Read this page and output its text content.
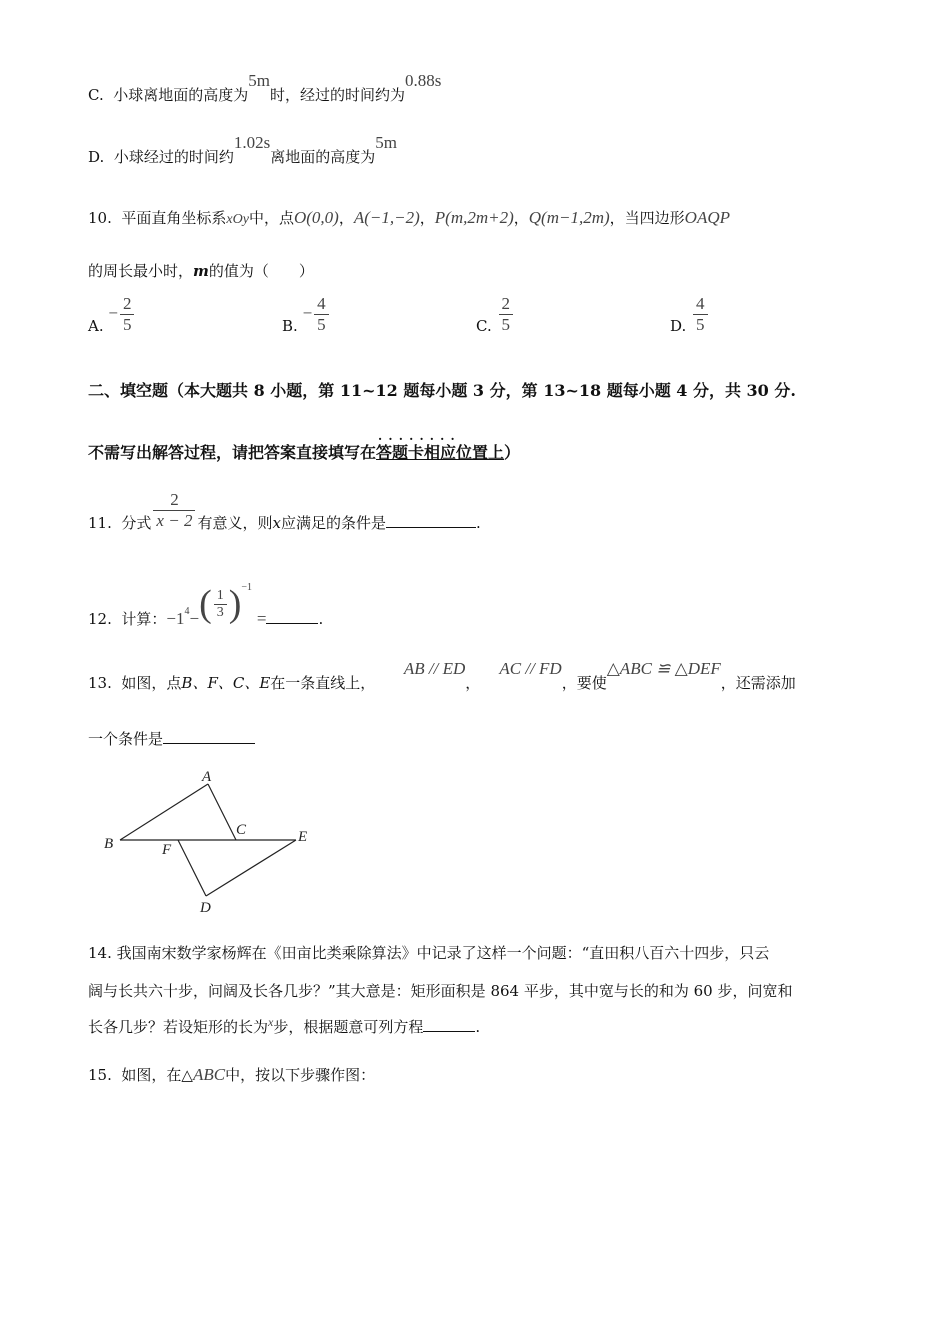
C. 小球离地面的高度为5m时，经过的时间约为0.88s
D. 小球经过的时间约1.02s离地面的高度为5m
10. 平面直角坐标系xOy中，点O(0,0)，A(−1,−2)，P(m,2m+2)，Q(m−1,2m)，当四边形OAQP
的周长最小时，m的值为（　　）
A. − $\frac{2}{5}$	B. − $\frac{4}{5}$	C. $\frac{2}{5}$	D. $\frac{4}{5}$
二、填空题（本大题共 8 小题，第 11~12 题每小题 3 分，第 13~18 题每小题 4 分，共 30 分.
不需写出解答过程，请把答案直接填写在. . . 答题卡相应位置上）
11. 分式 $\frac{2}{x - 2}$ 有意义，则x应满足的条件是	.
12. 计算：$-1_4-( \frac{1}{3} )^{-1}$ =	.
13. 如图，点B、F、C、E在一条直线上，      AB // ED，    AC // FD，要使△ABC ≌ △DEF，还需添加
一个条件是
A
B
C	E
F
D
14. 我国南宋数学家杨辉在《田亩比类乘除算法》中记录了这样一个问题：“直田积八百六十四步，只云
阔与长共六十步，问阔及长各几步？”其大意是：矩形面积是 864 平步，其中宽与长的和为 60 步，问宽和
长各几步？若设矩形的长为$^x$步，根据题意可列方程	.
15. 如图，在△ABC中，按以下步骤作图：
